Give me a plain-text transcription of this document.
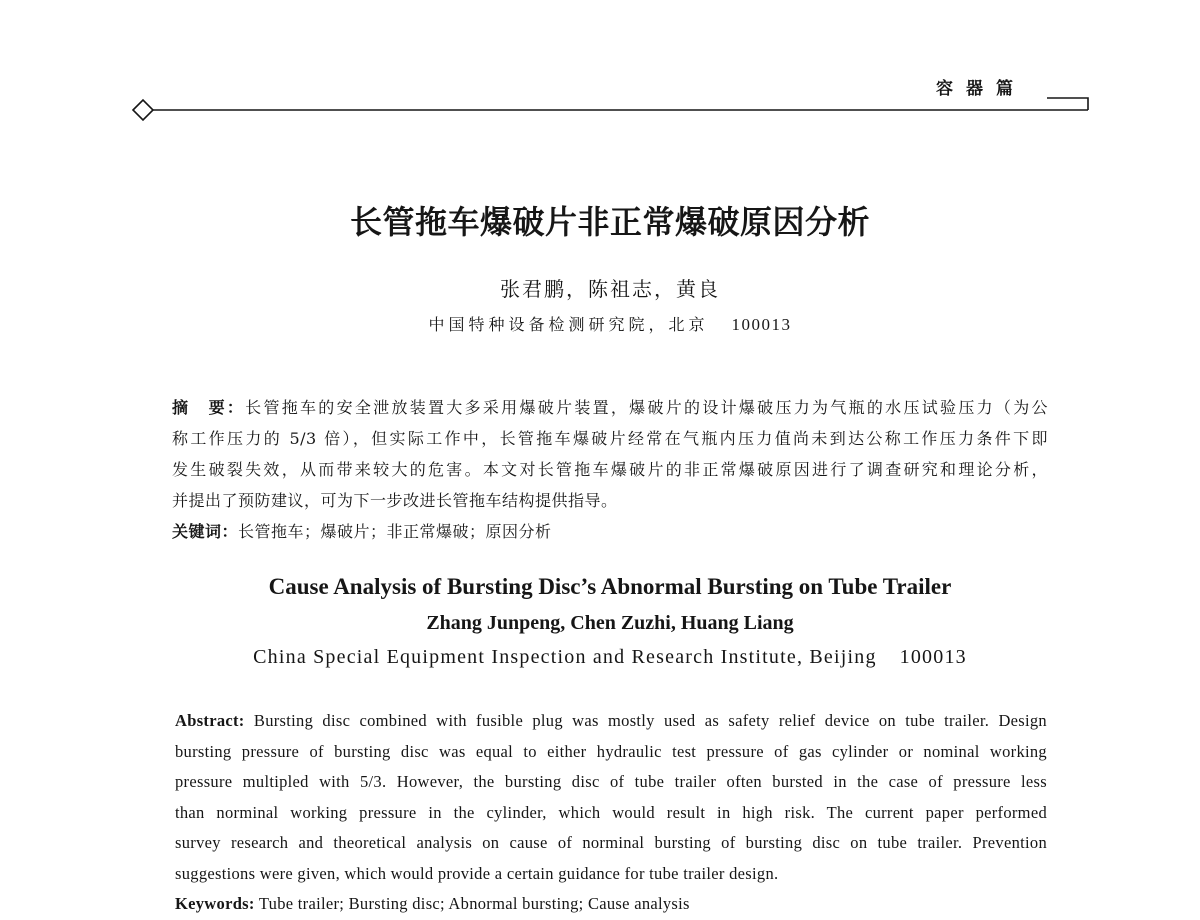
容器篇
长管拖车爆破片非正常爆破原因分析
张君鹏，陈祖志，黄良
中国特种设备检测研究院，北京 100013
摘　要：长管拖车的安全泄放装置大多采用爆破片装置，爆破片的设计爆破压力为气瓶的水压试验压力（为公
称工作压力的 5/3 倍），但实际工作中，长管拖车爆破片经常在气瓶内压力值尚未到达公称工作压力条件下即
发生破裂失效，从而带来较大的危害。本文对长管拖车爆破片的非正常爆破原因进行了调查研究和理论分析，
并提出了预防建议，可为下一步改进长管拖车结构提供指导。
关键词：长管拖车；爆破片；非正常爆破；原因分析
Cause Analysis of Bursting Disc’s Abnormal Bursting on Tube Trailer
Zhang Junpeng, Chen Zuzhi, Huang Liang
China Special Equipment Inspection and Research Institute, Beijing 100013
Abstract: Bursting disc combined with fusible plug was mostly used as safety relief device on tube trailer. Design
bursting pressure of bursting disc was equal to either hydraulic test pressure of gas cylinder or nominal working
pressure multipled with 5/3. However, the bursting disc of tube trailer often bursted in the case of pressure less
than norminal working pressure in the cylinder, which would result in high risk. The current paper performed
survey research and theoretical analysis on cause of norminal bursting of bursting disc on tube trailer. Prevention
suggestions were given, which would provide a certain guidance for tube trailer design.
Keywords: Tube trailer; Bursting disc; Abnormal bursting; Cause analysis
